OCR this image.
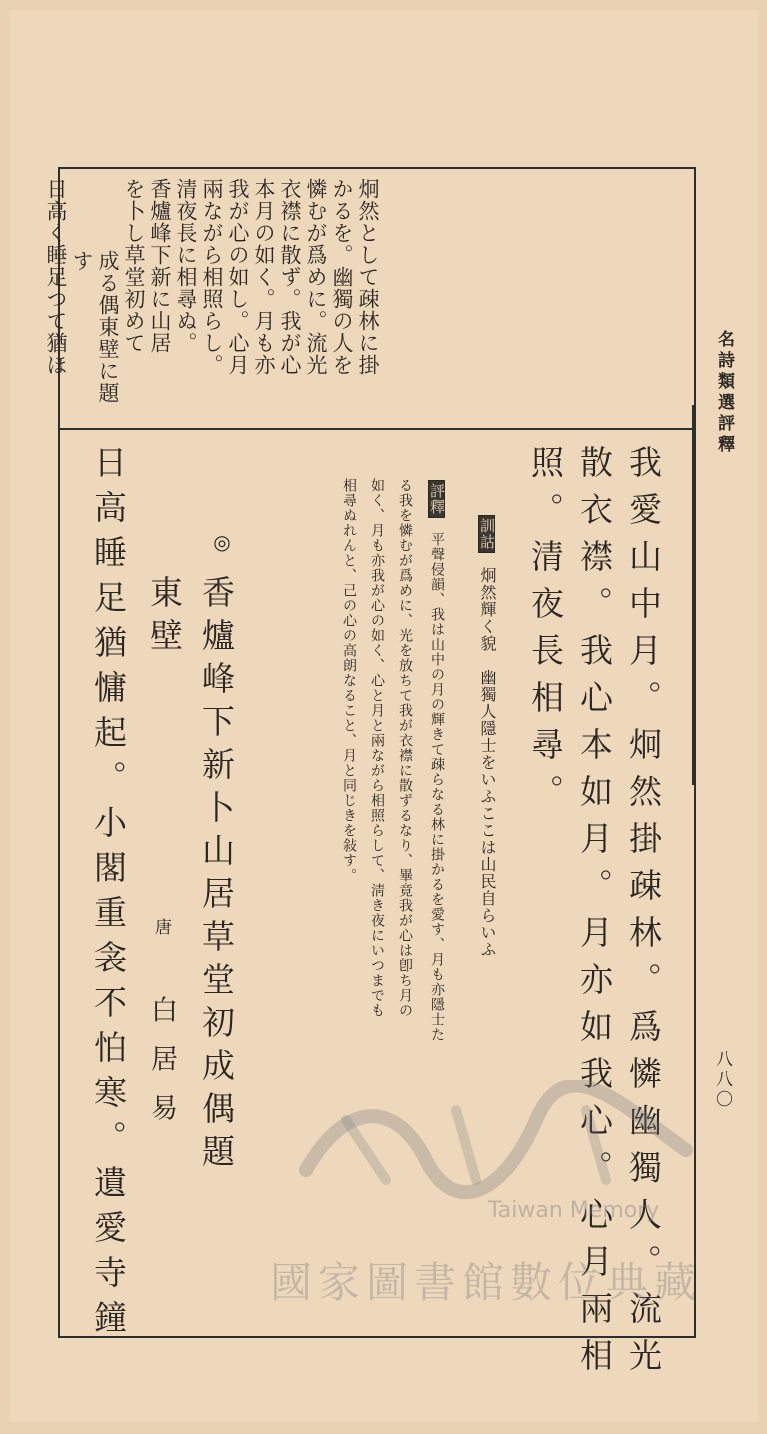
名詩類選評釋
八八〇
炯然として疎林に掛
かるを。幽獨の人を
憐むが爲めに。流光
衣襟に散ず。我が心
本月の如く。月も亦
我が心の如し。心月
兩ながら相照らし。
清夜長に相尋ぬ。
香爐峰下新に山居
を卜し草堂初めて
成る偶東壁に題
す
日高く睡足つて猶ほ
我愛山中月。炯然掛疎林。爲憐幽獨人。流光
散衣襟。我心本如月。月亦如我心。心月兩相
照。清夜長相尋。
訓詁 炯然輝く貌　幽獨人隱士をいふここは山民自らいふ
評釋 平聲侵韻、我は山中の月の輝きて疎らなる林に掛かるを愛す、月も亦隱士た
る我を憐むが爲めに、光を放ちて我が衣襟に散ずるなり、畢竟我が心は卽ち月の
如く、月も亦我が心の如く、心と月と兩ながら相照らして、淸き夜にいつまでも
相尋ぬれんと、己の心の高朗なること、月と同じきを敍す。
◎
香爐峰下新卜山居草堂初成偶題
東壁
唐 白居易
日高睡足猶慵起。小閣重衾不怕寒。遺愛寺鐘	Taiwan Memory
國家圖書館數位典藏
